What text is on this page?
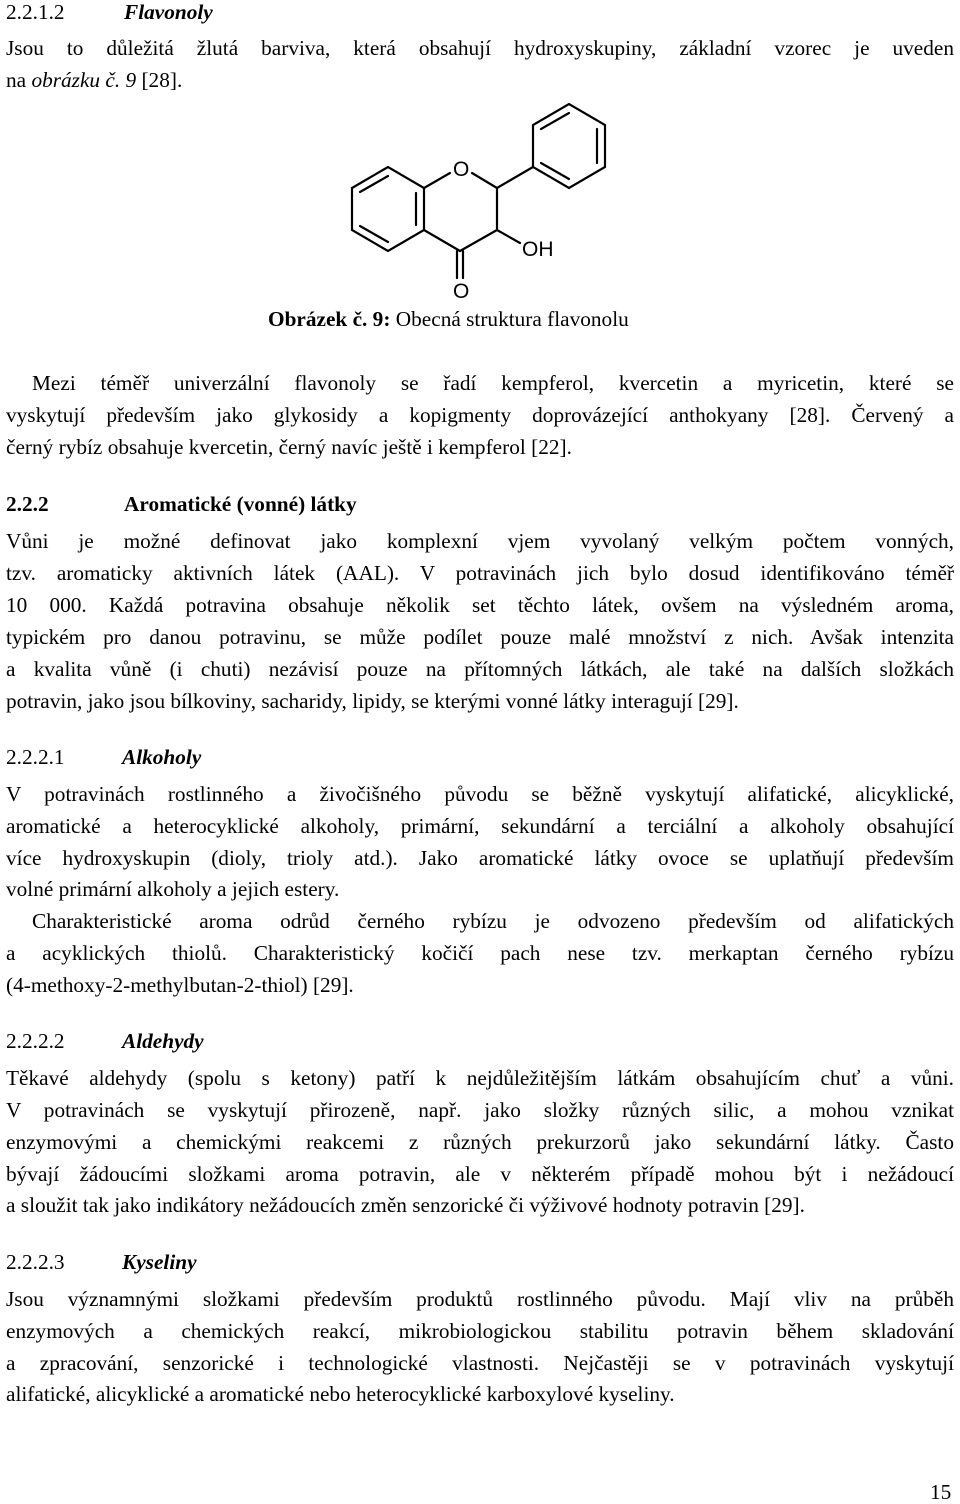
2.2.1.2	Flavonoly
Jsou to důležitá žlutá barviva, která obsahují hydroxyskupiny, základní vzorec je uveden
na obrázku č. 9 [28].
O
OH
O
Obrázek č. 9: Obecná struktura flavonolu
Mezi téměř univerzální flavonoly se řadí kempferol, kvercetin a myricetin, které se
vyskytují především jako glykosidy a kopigmenty doprovázející anthokyany [28]. Červený a
černý rybíz obsahuje kvercetin, černý navíc ještě i kempferol [22].
2.2.2	Aromatické (vonné) látky
Vůni je možné definovat jako komplexní vjem vyvolaný velkým počtem vonných,
tzv. aromaticky aktivních látek (AAL). V potravinách jich bylo dosud identifikováno téměř
10 000. Každá potravina obsahuje několik set těchto látek, ovšem na výsledném aroma,
typickém pro danou potravinu, se může podílet pouze malé množství z nich. Avšak intenzita
a kvalita vůně (i chuti) nezávisí pouze na přítomných látkách, ale také na dalších složkách
potravin, jako jsou bílkoviny, sacharidy, lipidy, se kterými vonné látky interagují [29].
2.2.2.1	Alkoholy
V potravinách rostlinného a živočišného původu se běžně vyskytují alifatické, alicyklické,
aromatické a heterocyklické alkoholy, primární, sekundární a terciální a alkoholy obsahující
více hydroxyskupin (dioly, trioly atd.). Jako aromatické látky ovoce se uplatňují především
volné primární alkoholy a jejich estery.
Charakteristické aroma odrůd černého rybízu je odvozeno především od alifatických
a acyklických thiolů. Charakteristický kočičí pach nese tzv. merkaptan černého rybízu
(4-methoxy-2-methylbutan-2-thiol) [29].
2.2.2.2	Aldehydy
Těkavé aldehydy (spolu s ketony) patří k nejdůležitějším látkám obsahujícím chuť a vůni.
V potravinách se vyskytují přirozeně, např. jako složky různých silic, a mohou vznikat
enzymovými a chemickými reakcemi z různých prekurzorů jako sekundární látky. Často
bývají žádoucími složkami aroma potravin, ale v některém případě mohou být i nežádoucí
a sloužit tak jako indikátory nežádoucích změn senzorické či výživové hodnoty potravin [29].
2.2.2.3	Kyseliny
Jsou významnými složkami především produktů rostlinného původu. Mají vliv na průběh
enzymových a chemických reakcí, mikrobiologickou stabilitu potravin během skladování
a zpracování, senzorické i technologické vlastnosti. Nejčastěji se v potravinách vyskytují
alifatické, alicyklické a aromatické nebo heterocyklické karboxylové kyseliny.
15
